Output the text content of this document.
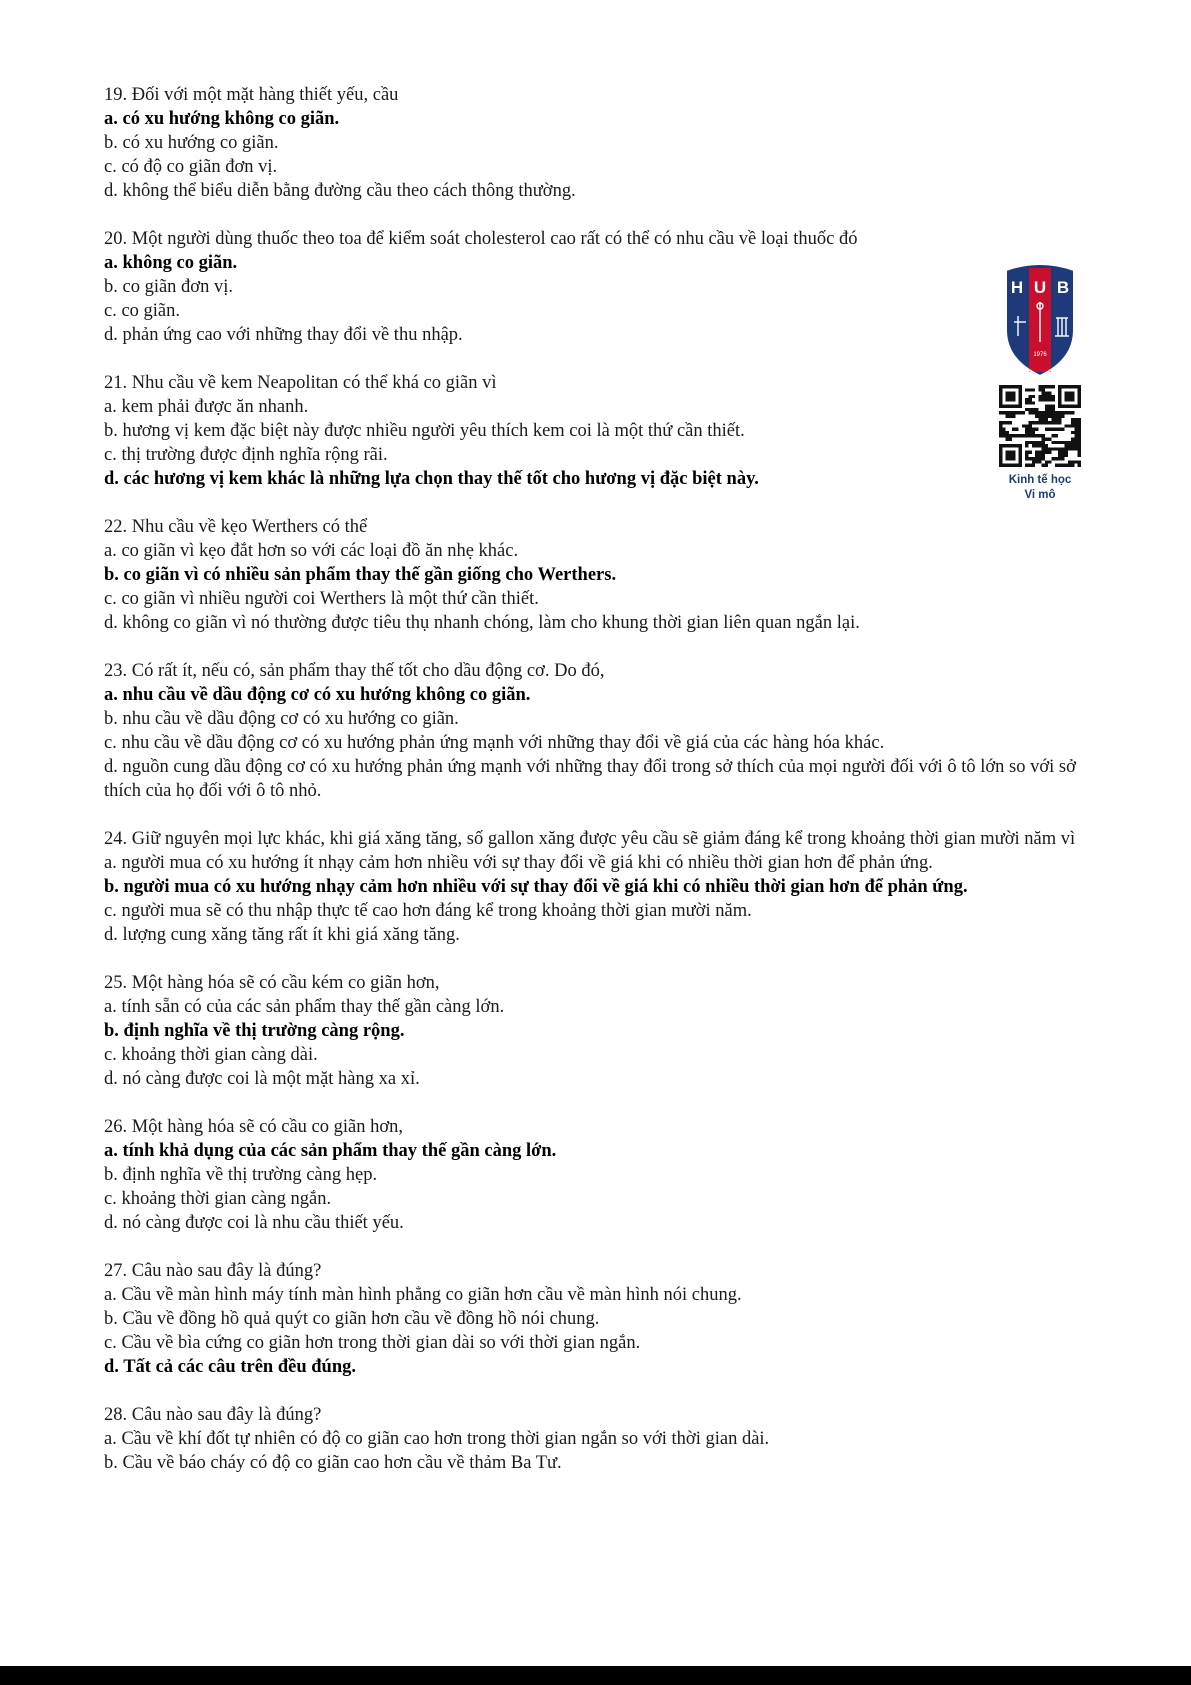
19. Đối với một mặt hàng thiết yếu, cầu
a. có xu hướng không co giãn.
b. có xu hướng co giãn.
c. có độ co giãn đơn vị.
d. không thể biểu diễn bằng đường cầu theo cách thông thường.
20. Một người dùng thuốc theo toa để kiểm soát cholesterol cao rất có thể có nhu cầu về loại thuốc đó
a. không co giãn.
b. co giãn đơn vị.
c. co giãn.
d. phản ứng cao với những thay đổi về thu nhập.
21. Nhu cầu về kem Neapolitan có thể khá co giãn vì
a. kem phải được ăn nhanh.
b. hương vị kem đặc biệt này được nhiều người yêu thích kem coi là một thứ cần thiết.
c. thị trường được định nghĩa rộng rãi.
d. các hương vị kem khác là những lựa chọn thay thế tốt cho hương vị đặc biệt này.
22. Nhu cầu về kẹo Werthers có thể
a. co giãn vì kẹo đắt hơn so với các loại đồ ăn nhẹ khác.
b. co giãn vì có nhiều sản phẩm thay thế gần giống cho Werthers.
c. co giãn vì nhiều người coi Werthers là một thứ cần thiết.
d. không co giãn vì nó thường được tiêu thụ nhanh chóng, làm cho khung thời gian liên quan ngắn lại.
23. Có rất ít, nếu có, sản phẩm thay thế tốt cho dầu động cơ. Do đó,
a. nhu cầu về dầu động cơ có xu hướng không co giãn.
b. nhu cầu về dầu động cơ có xu hướng co giãn.
c. nhu cầu về dầu động cơ có xu hướng phản ứng mạnh với những thay đổi về giá của các hàng hóa khác.
d. nguồn cung dầu động cơ có xu hướng phản ứng mạnh với những thay đổi trong sở thích của mọi người đối với ô tô lớn so với sở thích của họ đối với ô tô nhỏ.
24. Giữ nguyên mọi lực khác, khi giá xăng tăng, số gallon xăng được yêu cầu sẽ giảm đáng kể trong khoảng thời gian mười năm vì
a. người mua có xu hướng ít nhạy cảm hơn nhiều với sự thay đổi về giá khi có nhiều thời gian hơn để phản ứng.
b. người mua có xu hướng nhạy cảm hơn nhiều với sự thay đổi về giá khi có nhiều thời gian hơn để phản ứng.
c. người mua sẽ có thu nhập thực tế cao hơn đáng kể trong khoảng thời gian mười năm.
d. lượng cung xăng tăng rất ít khi giá xăng tăng.
25. Một hàng hóa sẽ có cầu kém co giãn hơn,
a. tính sẵn có của các sản phẩm thay thế gần càng lớn.
b. định nghĩa về thị trường càng rộng.
c. khoảng thời gian càng dài.
d. nó càng được coi là một mặt hàng xa xỉ.
26. Một hàng hóa sẽ có cầu co giãn hơn,
a. tính khả dụng của các sản phẩm thay thế gần càng lớn.
b. định nghĩa về thị trường càng hẹp.
c. khoảng thời gian càng ngắn.
d. nó càng được coi là nhu cầu thiết yếu.
27. Câu nào sau đây là đúng?
a. Cầu về màn hình máy tính màn hình phẳng co giãn hơn cầu về màn hình nói chung.
b. Cầu về đồng hồ quả quýt co giãn hơn cầu về đồng hồ nói chung.
c. Cầu về bìa cứng co giãn hơn trong thời gian dài so với thời gian ngắn.
d. Tất cả các câu trên đều đúng.
28. Câu nào sau đây là đúng?
a. Cầu về khí đốt tự nhiên có độ co giãn cao hơn trong thời gian ngắn so với thời gian dài.
b. Cầu về báo cháy có độ co giãn cao hơn cầu về thảm Ba Tư.
H U B
1976
Kinh tế học
Vi mô
